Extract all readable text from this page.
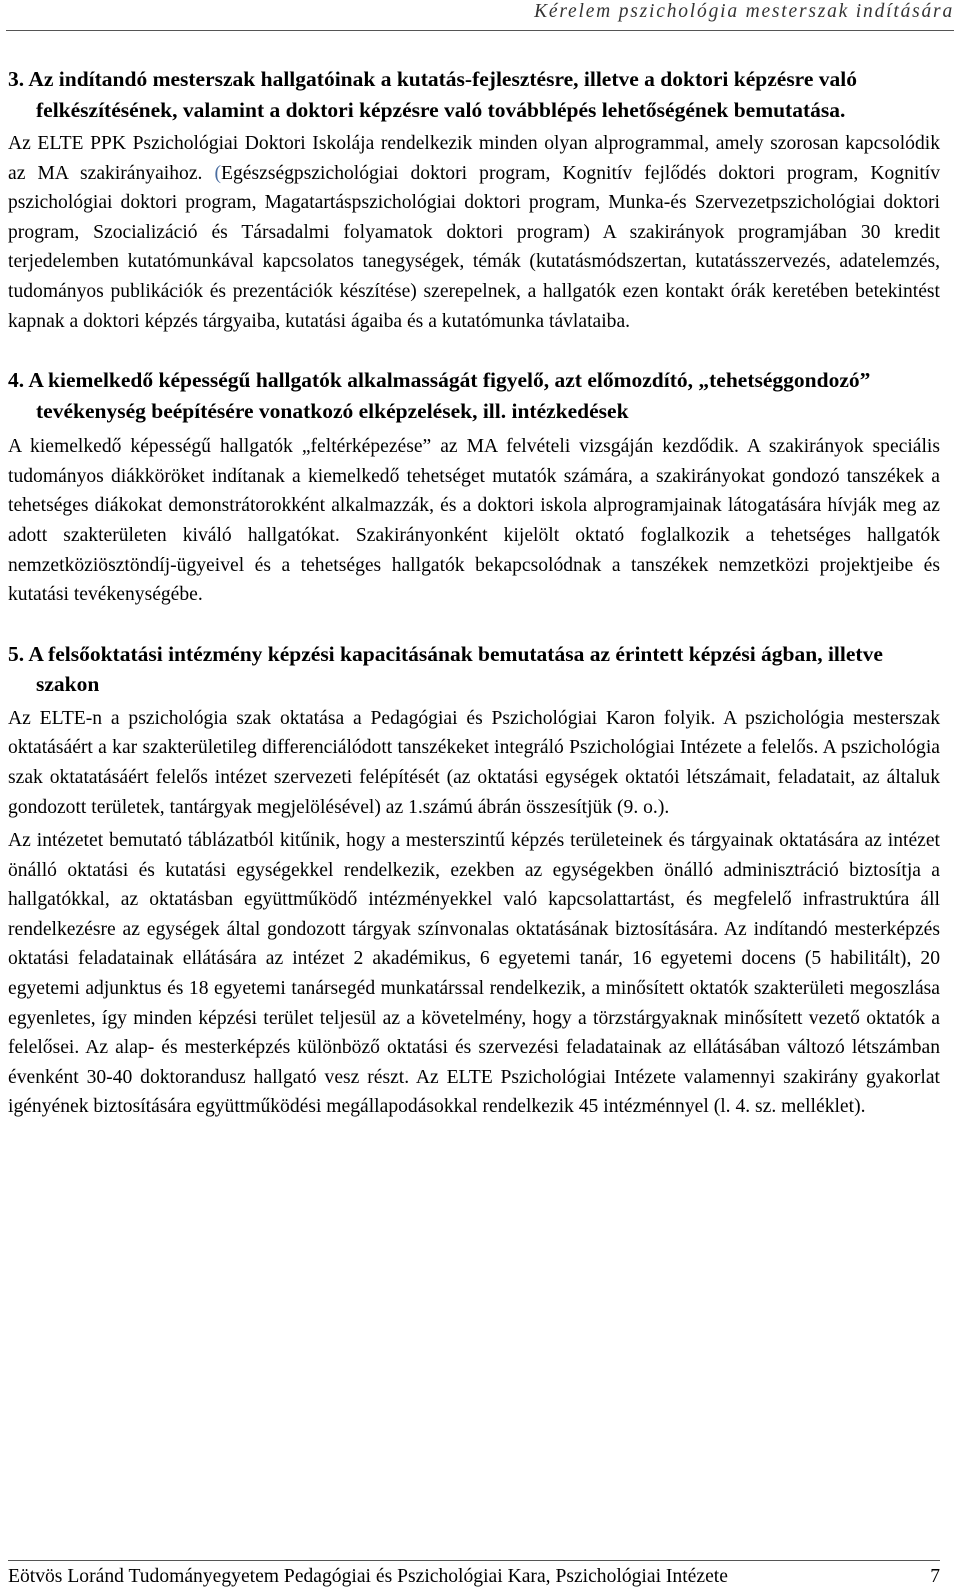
Kérelem pszichológia mesterszak indítására
3. Az indítandó mesterszak hallgatóinak a kutatás-fejlesztésre, illetve a doktori képzésre való felkészítésének, valamint a doktori képzésre való továbblépés lehetőségének bemutatása.

Az ELTE PPK Pszichológiai Doktori Iskolája rendelkezik minden olyan alprogrammal, amely szorosan kapcsolódik az MA szakirányaihoz. (Egészségpszichológiai doktori program, Kognitív fejlődés doktori program, Kognitív pszichológiai doktori program, Magatartáspszichológiai doktori program, Munka-és Szervezetpszichológiai doktori program, Szocializáció és Társadalmi folyamatok doktori program) A szakirányok programjában 30 kredit terjedelemben kutatómunkával kapcsolatos tanegységek, témák (kutatásmódszertan, kutatásszervezés, adatelemzés, tudományos publikációk és prezentációk készítése) szerepelnek, a hallgatók ezen kontakt órák keretében betekintést kapnak a doktori képzés tárgyaiba, kutatási ágaiba és a kutatómunka távlataiba.

4. A kiemelkedő képességű hallgatók alkalmasságát figyelő, azt előmozdító, „tehetséggondozó” tevékenység beépítésére vonatkozó elképzelések, ill. intézkedések

A kiemelkedő képességű hallgatók „feltérképezése” az MA felvételi vizsgáján kezdődik. A szakirányok speciális tudományos diákköröket indítanak a kiemelkedő tehetséget mutatók számára, a szakirányokat gondozó tanszékek a tehetséges diákokat demonstrátorokként alkalmazzák, és a doktori iskola alprogramjainak látogatására hívják meg az adott szakterületen kiváló hallgatókat. Szakirányonként kijelölt oktató foglalkozik a tehetséges hallgatók nemzetköziösztöndíj-ügyeivel és a tehetséges hallgatók bekapcsolódnak a tanszékek nemzetközi projektjeibe és kutatási tevékenységébe.

5. A felsőoktatási intézmény képzési kapacitásának bemutatása az érintett képzési ágban, illetve szakon

Az ELTE-n a pszichológia szak oktatása a Pedagógiai és Pszichológiai Karon folyik. A pszichológia mesterszak oktatásáért a kar szakterületileg differenciálódott tanszékeket integráló Pszichológiai Intézete a felelős. A pszichológia szak oktatatásáért felelős intézet szervezeti felépítését (az oktatási egységek oktatói létszámait, feladatait, az általuk gondozott területek, tantárgyak megjelölésével) az 1.számú ábrán összesítjük (9. o.).

Az intézetet bemutató táblázatból kitűnik, hogy a mesterszintű képzés területeinek és tárgyainak oktatására az intézet önálló oktatási és kutatási egységekkel rendelkezik, ezekben az egységekben önálló adminisztráció biztosítja a hallgatókkal, az oktatásban együttműködő intézményekkel való kapcsolattartást, és megfelelő infrastruktúra áll rendelkezésre az egységek által gondozott tárgyak színvonalas oktatásának biztosítására. Az indítandó mesterképzés oktatási feladatainak ellátására az intézet 2 akadémikus, 6 egyetemi tanár, 16 egyetemi docens (5 habilitált), 20 egyetemi adjunktus és 18 egyetemi tanársegéd munkatárssal rendelkezik, a minősített oktatók szakterületi megoszlása egyenletes, így minden képzési terület teljesül az a követelmény, hogy a törzstárgyaknak minősített vezető oktatók a felelősei. Az alap- és mesterképzés különböző oktatási és szervezési feladatainak az ellátásában változó létszámban évenként 30-40 doktorandusz hallgató vesz részt. Az ELTE Pszichológiai Intézete valamennyi szakirány gyakorlat igényének biztosítására együttműködési megállapodásokkal rendelkezik 45 intézménnyel (l. 4. sz. melléklet).

Eötvös Loránd Tudományegyetem Pedagógiai és Pszichológiai Kara, Pszichológiai Intézete	7
